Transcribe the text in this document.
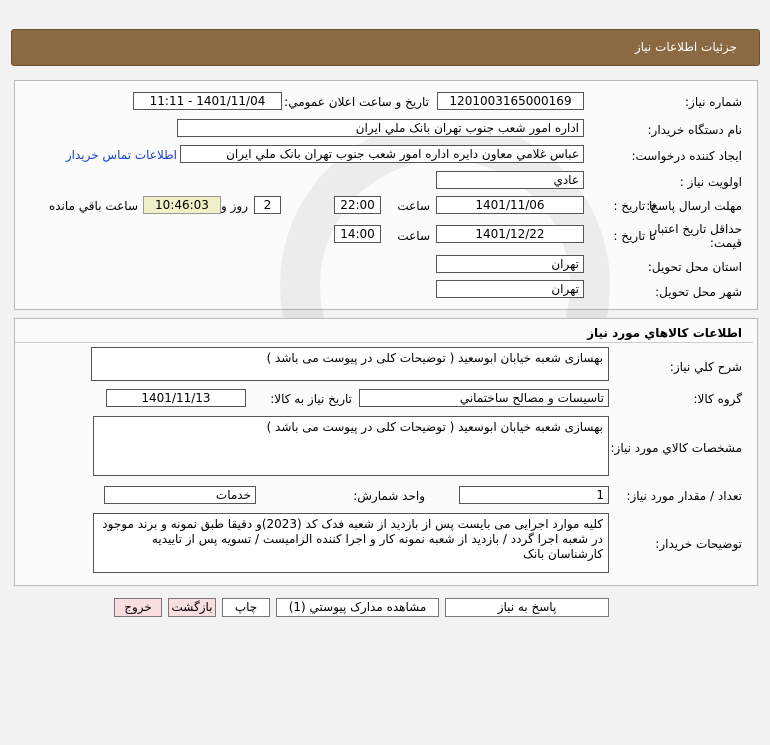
جزئيات اطلاعات نياز
شماره نياز:
1201003165000169
تاريخ و ساعت اعلان عمومي:
1401/11/04 - 11:11
نام دستگاه خريدار:
اداره امور شعب جنوب تهران بانک ملي ايران
ايجاد کننده درخواست:
عباس غلامي معاون دايره اداره امور شعب جنوب تهران بانک ملي ايران
اطلاعات تماس خريدار
اولويت نياز :
عادي
مهلت ارسال پاسخ:
تا تاريخ :
1401/11/06
ساعت
22:00
2
روز و
10:46:03
ساعت باقي مانده
حداقل تاريخ اعتبار قيمت:
تا تاريخ :
1401/12/22
ساعت
14:00
استان محل تحويل:
تهران
شهر محل تحويل:
تهران
اطلاعات کالاهاي مورد نياز
شرح کلي نياز:
بهسازی شعبه خیابان ابوسعید ( توضیحات کلی در پیوست می باشد )
گروه کالا:
تاسيسات و مصالح ساختماني
تاريخ نياز به کالا:
1401/11/13
مشخصات کالاي مورد نياز:
بهسازی شعبه خیابان ابوسعید ( توضیحات کلی در پیوست می باشد )
تعداد / مقدار مورد نياز:
1
واحد شمارش:
خدمات
توضيحات خريدار:
کلیه موارد اجرایی می بایست پس از بازدید از شعبه فدک کد (2023)و دقیقا طبق نمونه و برند موجود در شعبه اجرا گردد / بازدید از شعبه نمونه کار و اجرا کننده الزامیست / تسویه پس از تاییدیه کارشناسان بانک
پاسخ به نياز
مشاهده مدارک پيوستي (1)
چاپ
بازگشت
خروج
